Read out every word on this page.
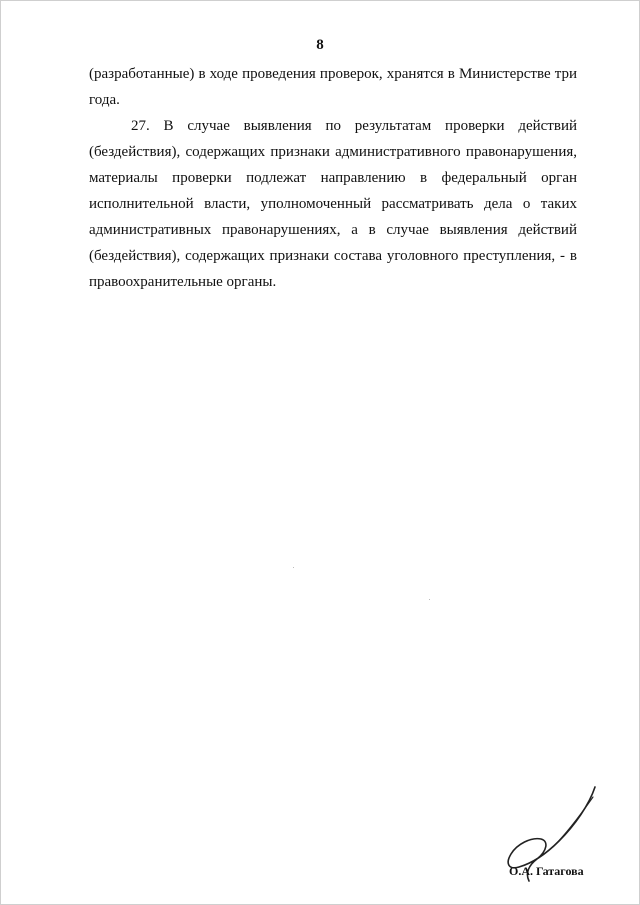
8

(разработанные) в ходе проведения проверок, хранятся в Министерстве три года.

27. В случае выявления по результатам проверки действий (бездействия), содержащих признаки административного правонарушения, материалы проверки подлежат направлению в федеральный орган исполнительной власти, уполномоченный рассматривать дела о таких административных правонарушениях, а в случае выявления действий (бездействия), содержащих признаки состава уголовного преступления, - в правоохранительные органы.

О.А. Гатагова
